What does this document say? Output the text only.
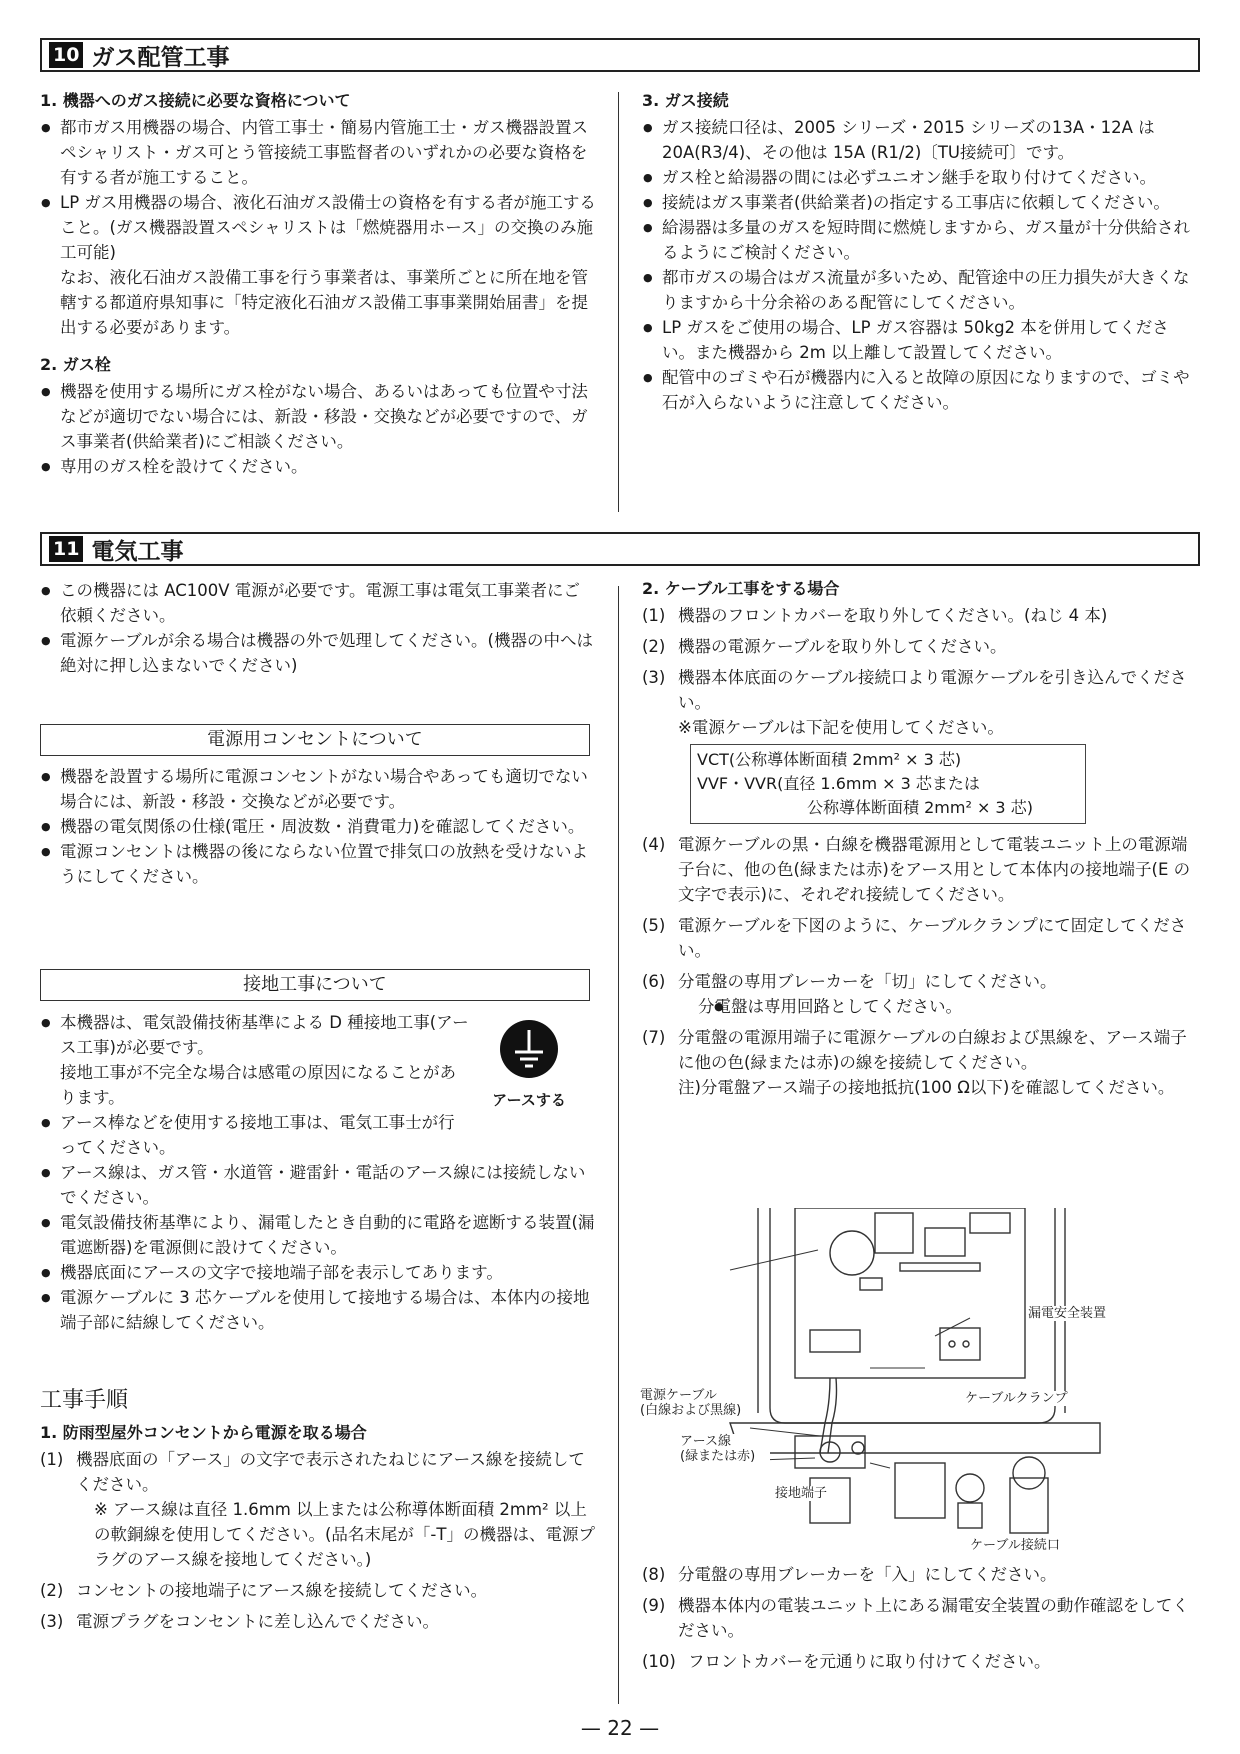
10 ガス配管工事
1. 機器へのガス接続に必要な資格について

● 都市ガス用機器の場合、内管工事士・簡易内管施工士・ガス機器設置スペシャリスト・ガス可とう管接続工事監督者のいずれかの必要な資格を有する者が施工すること。

● LP ガス用機器の場合、液化石油ガス設備士の資格を有する者が施工すること。(ガス機器設置スペシャリストは「燃焼器用ホース」の交換のみ施工可能)

なお、液化石油ガス設備工事を行う事業者は、事業所ごとに所在地を管轄する都道府県知事に「特定液化石油ガス設備工事事業開始届書」を提出する必要があります。

2. ガス栓

● 機器を使用する場所にガス栓がない場合、あるいはあっても位置や寸法などが適切でない場合には、新設・移設・交換などが必要ですので、ガス事業者(供給業者)にご相談ください。

● 専用のガス栓を設けてください。

3. ガス接続

● ガス接続口径は、2005 シリーズ・2015 シリーズの13A・12A は 20A(R3/4)、その他は 15A (R1/2)〔TU接続可〕です。

● ガス栓と給湯器の間には必ずユニオン継手を取り付けてください。

● 接続はガス事業者(供給業者)の指定する工事店に依頼してください。

● 給湯器は多量のガスを短時間に燃焼しますから、ガス量が十分供給されるようにご検討ください。

● 都市ガスの場合はガス流量が多いため、配管途中の圧力損失が大きくなりますから十分余裕のある配管にしてください。

● LP ガスをご使用の場合、LP ガス容器は 50kg2 本を併用してください。また機器から 2m 以上離して設置してください。

● 配管中のゴミや石が機器内に入ると故障の原因になりますので、ゴミや石が入らないように注意してください。

11 電気工事

● この機器には AC100V 電源が必要です。電源工事は電気工事業者にご依頼ください。

● 電源ケーブルが余る場合は機器の外で処理してください。(機器の中へは絶対に押し込まないでください)

電源用コンセントについて

● 機器を設置する場所に電源コンセントがない場合やあっても適切でない場合には、新設・移設・交換などが必要です。

● 機器の電気関係の仕様(電圧・周波数・消費電力)を確認してください。

● 電源コンセントは機器の後にならない位置で排気口の放熱を受けないようにしてください。

接地工事について

● 本機器は、電気設備技術基準による D 種接地工事(アース工事)が必要です。

接地工事が不完全な場合は感電の原因になることがあります。

● アース棒などを使用する接地工事は、電気工事士が行ってください。

● アース線は、ガス管・水道管・避雷針・電話のアース線には接続しないでください。

● 電気設備技術基準により、漏電したとき自動的に電路を遮断する装置(漏電遮断器)を電源側に設けてください。

● 機器底面にアースの文字で接地端子部を表示してあります。

● 電源ケーブルに 3 芯ケーブルを使用して接地する場合は、本体内の接地端子部に結線してください。

アースする
工事手順
1. 防雨型屋外コンセントから電源を取る場合
(1) 機器底面の「アース」の文字で表示されたねじにアース線を接続してください。
※ アース線は直径 1.6mm 以上または公称導体断面積 2mm² 以上の軟銅線を使用してください。(品名末尾が「-T」の機器は、電源プラグのアース線を接地してください。)
(2) コンセントの接地端子にアース線を接続してください。
(3) 電源プラグをコンセントに差し込んでください。
2. ケーブル工事をする場合
(1) 機器のフロントカバーを取り外してください。(ねじ 4 本)
(2) 機器の電源ケーブルを取り外してください。
(3) 機器本体底面のケーブル接続口より電源ケーブルを引き込んでください。
※電源ケーブルは下記を使用してください。
VCT(公称導体断面積 2mm² × 3 芯)
VVF・VVR(直径 1.6mm × 3 芯または
公称導体断面積 2mm² × 3 芯)
(4) 電源ケーブルの黒・白線を機器電源用として電装ユニット上の電源端子台に、他の色(緑または赤)をアース用として本体内の接地端子(E の文字で表示)に、それぞれ接続してください。
(5) 電源ケーブルを下図のように、ケーブルクランプにて固定してください。
(6) 分電盤の専用ブレーカーを「切」にしてください。
● 分電盤は専用回路としてください。
(7) 分電盤の電源用端子に電源ケーブルの白線および黒線を、アース端子に他の色(緑または赤)の線を接続してください。
注)分電盤アース端子の接地抵抗(100 Ω以下)を確認してください。
漏電安全装置
電源ケーブル
(白線および黒線)
ケーブルクランプ
アース線
(緑または赤)
接地端子
ケーブル接続口
(8) 分電盤の専用ブレーカーを「入」にしてください。
(9) 機器本体内の電装ユニット上にある漏電安全装置の動作確認をしてください。
(10) フロントカバーを元通りに取り付けてください。
— 22 —
